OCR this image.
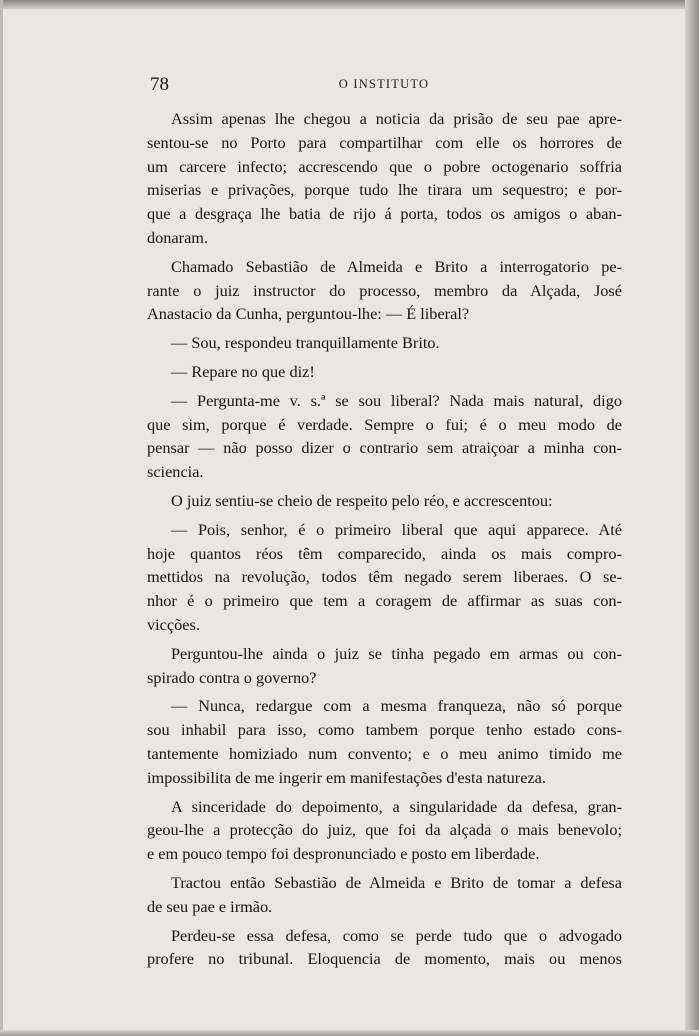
78	O INSTITUTO

Assim apenas lhe chegou a noticia da prisão de seu pae apre-

sentou-se no Porto para compartilhar com elle os horrores de

um carcere infecto; accrescendo que o pobre octogenario soffria

miserias e privações, porque tudo lhe tirara um sequestro; e por-

que a desgraça lhe batia de rijo á porta, todos os amigos o aban-

donaram.

Chamado Sebastião de Almeida e Brito a interrogatorio pe-

rante o juiz instructor do processo, membro da Alçada, José

Anastacio da Cunha, perguntou-lhe: — É liberal?

— Sou, respondeu tranquillamente Brito.

— Repare no que diz!

— Pergunta-me v. s.ª se sou liberal? Nada mais natural, digo

que sim, porque é verdade. Sempre o fui; é o meu modo de

pensar — não posso dizer o contrario sem atraiçoar a minha con-

sciencia.

O juiz sentiu-se cheio de respeito pelo réo, e accrescentou:

— Pois, senhor, é o primeiro liberal que aqui apparece. Até

hoje quantos réos têm comparecido, ainda os mais compro-

mettidos na revolução, todos têm negado serem liberaes. O se-

nhor é o primeiro que tem a coragem de affirmar as suas con-

vicções.

Perguntou-lhe ainda o juiz se tinha pegado em armas ou con-

spirado contra o governo?

— Nunca, redargue com a mesma franqueza, não só porque

sou inhabil para isso, como tambem porque tenho estado cons-

tantemente homiziado num convento; e o meu animo timido me

impossibilita de me ingerir em manifestações d'esta natureza.

A sinceridade do depoimento, a singularidade da defesa, gran-

geou-lhe a protecção do juiz, que foi da alçada o mais benevolo;

e em pouco tempo foi despronunciado e posto em liberdade.

Tractou então Sebastião de Almeida e Brito de tomar a defesa

de seu pae e irmão.

Perdeu-se essa defesa, como se perde tudo que o advogado

profere no tribunal. Eloquencia de momento, mais ou menos
